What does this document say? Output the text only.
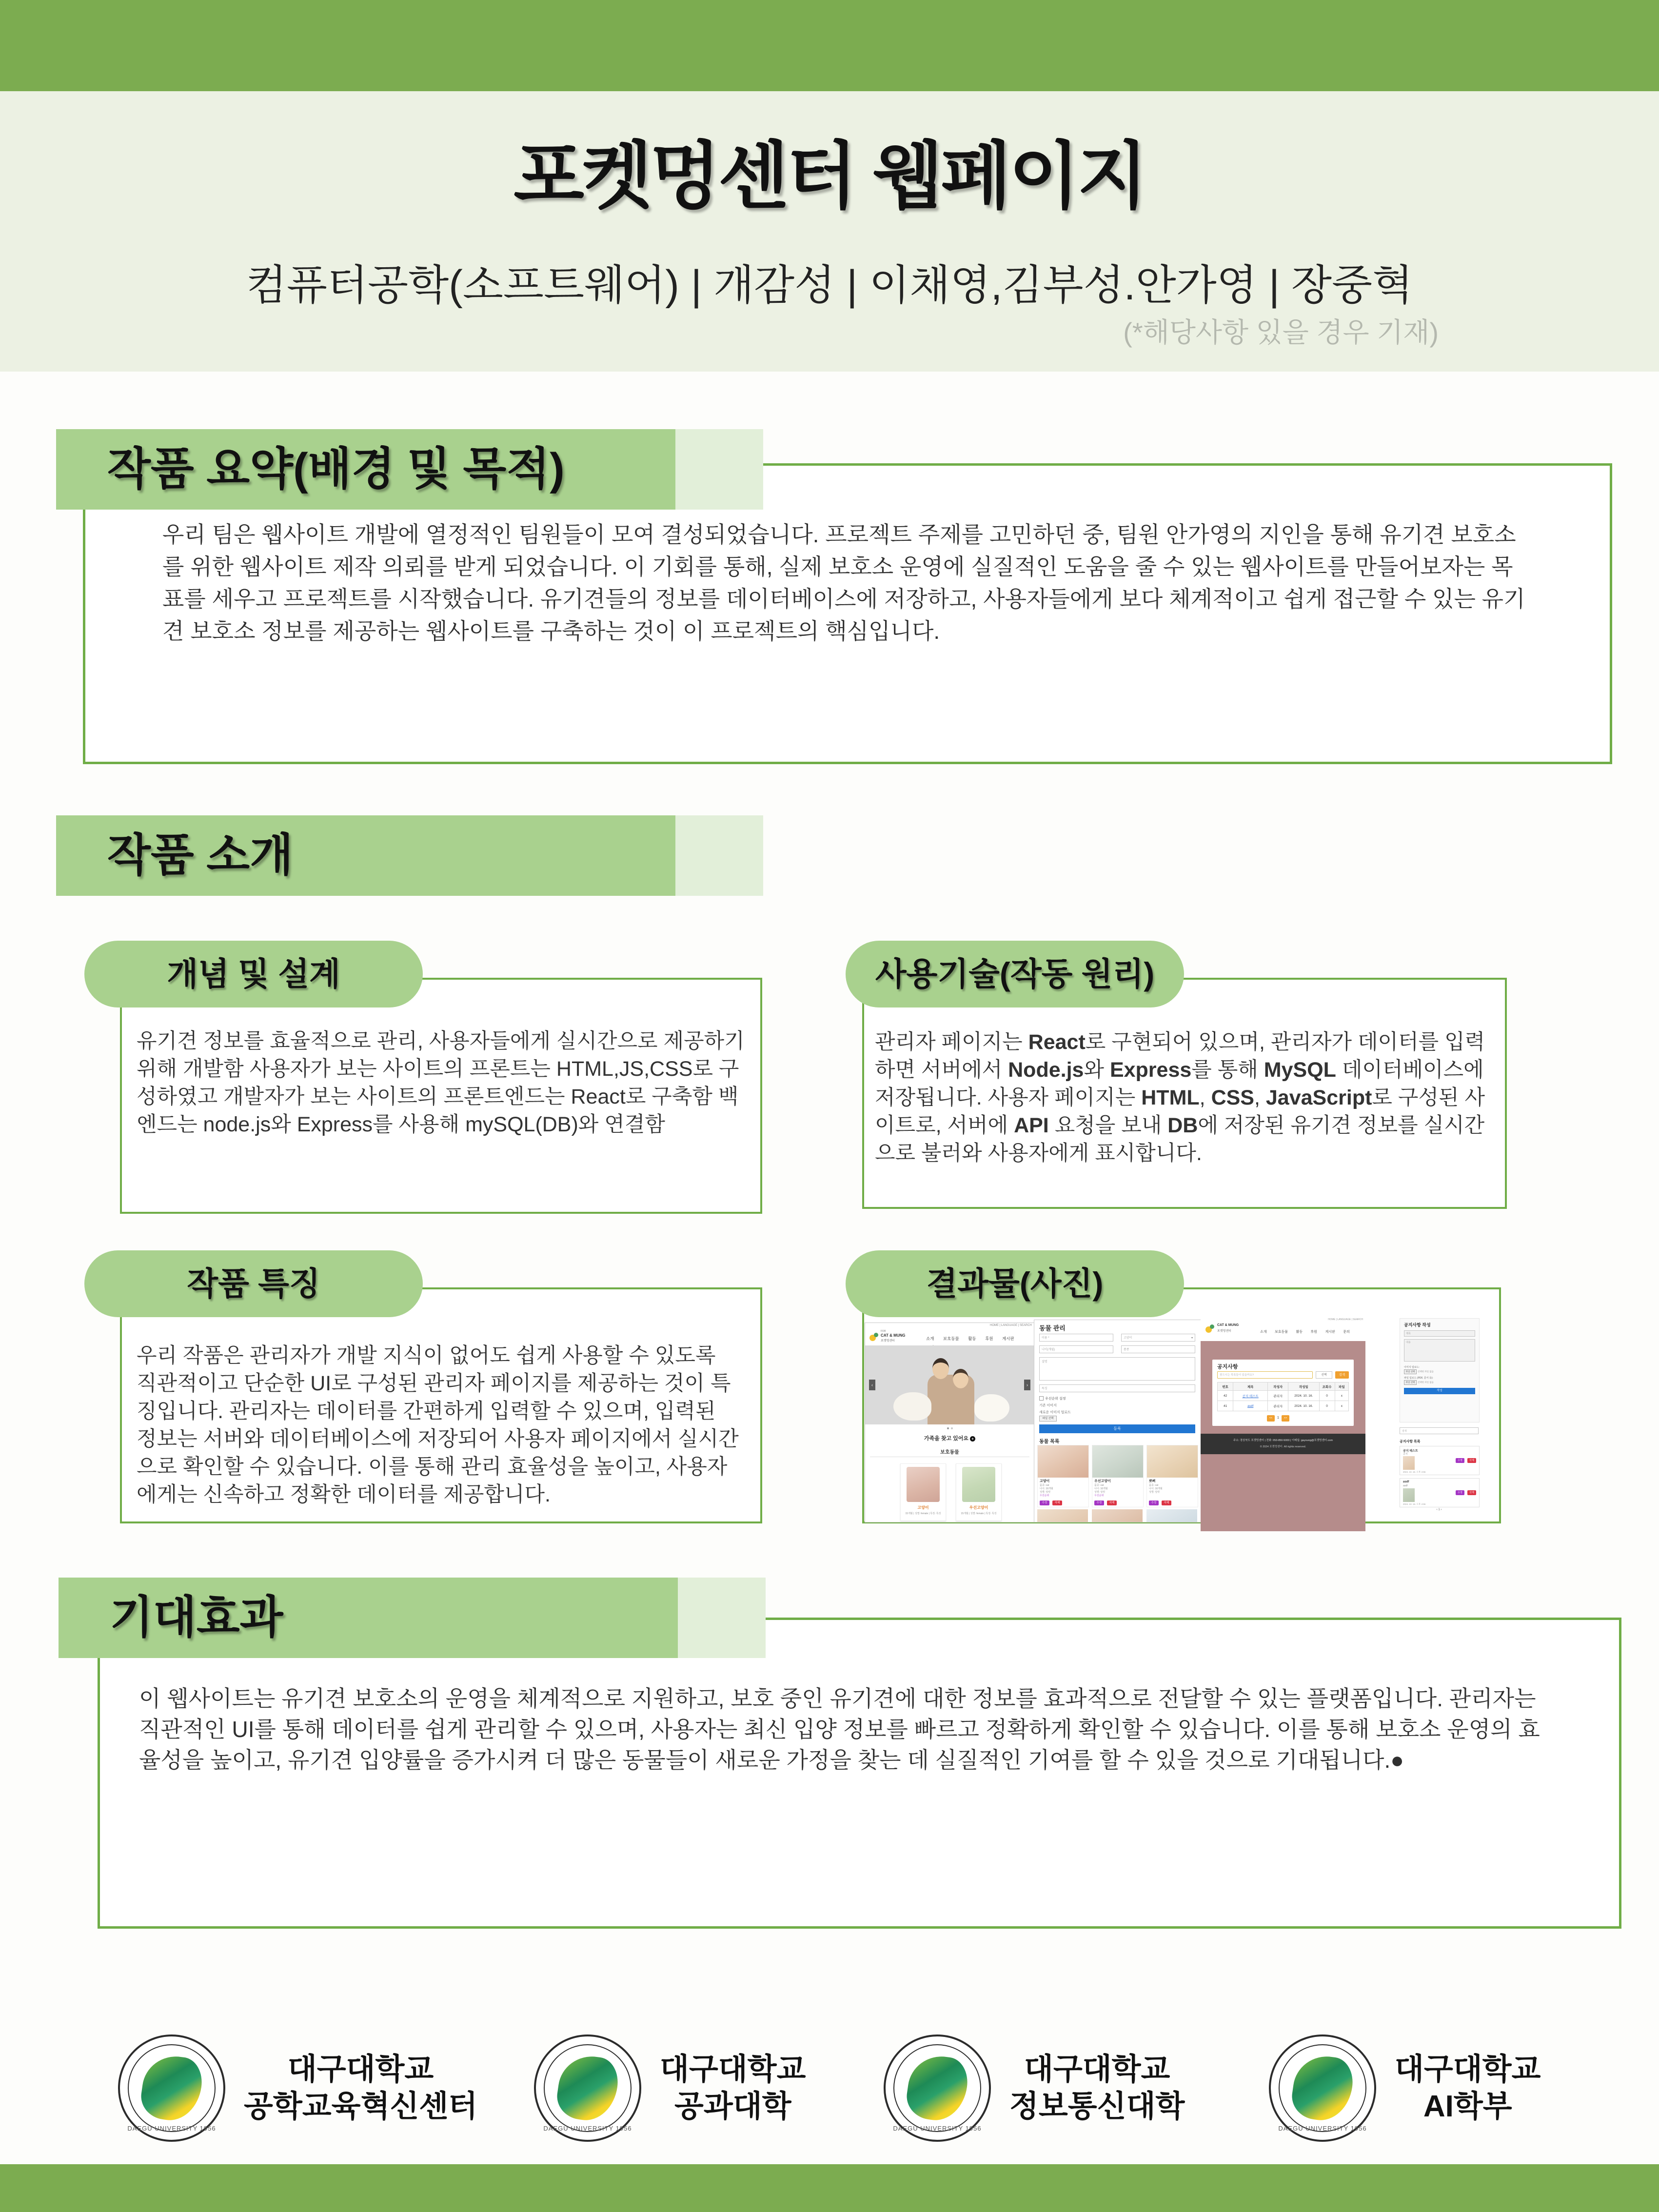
포켓멍센터 웹페이지
컴퓨터공학(소프트웨어) | 개감성 | 이채영,김부성.안가영 | 장중혁
(*해당사항 있을 경우 기재)
작품 요약(배경 및 목적)
우리 팀은 웹사이트 개발에 열정적인 팀원들이 모여 결성되었습니다. 프로젝트 주제를 고민하던 중, 팀원 안가영의 지인을 통해 유기견 보호소를 위한 웹사이트 제작 의뢰를 받게 되었습니다. 이 기회를 통해, 실제 보호소 운영에 실질적인 도움을 줄 수 있는 웹사이트를 만들어보자는 목표를 세우고 프로젝트를 시작했습니다. 유기견들의 정보를 데이터베이스에 저장하고, 사용자들에게 보다 체계적이고 쉽게 접근할 수 있는 유기견 보호소 정보를 제공하는 웹사이트를 구축하는 것이 이 프로젝트의 핵심입니다.
작품 소개
개념 및 설계
유기견 정보를 효율적으로 관리, 사용자들에게 실시간으로 제공하기 위해 개발함 사용자가 보는 사이트의 프론트는 HTML,JS,CSS로 구성하였고 개발자가 보는 사이트의 프론트엔드는 React로 구축함 백엔드는 node.js와 Express를 사용해 mySQL(DB)와 연결함
사용기술(작동 원리)
관리자 페이지는 React로 구현되어 있으며, 관리자가 데이터를 입력하면 서버에서 Node.js와 Express를 통해 MySQL 데이터베이스에 저장됩니다. 사용자 페이지는 HTML, CSS, JavaScript로 구성된 사이트로, 서버에 API 요청을 보내 DB에 저장된 유기견 정보를 실시간으로 불러와 사용자에게 표시합니다.
작품 특징
우리 작품은 관리자가 개발 지식이 없어도 쉽게 사용할 수 있도록 직관적이고 단순한 UI로 구성된 관리자 페이지를 제공하는 것이 특징입니다. 관리자는 데이터를 간편하게 입력할 수 있으며, 입력된 정보는 서버와 데이터베이스에 저장되어 사용자 페이지에서 실시간으로 확인할 수 있습니다. 이를 통해 관리 효율성을 높이고, 사용자에게는 신속하고 정확한 데이터를 제공합니다.
결과물(사진)
HOME | LANGUAGE | SEARCH
FOR
CAT & MUNG
포켓멍센터	소개 보호동물 활동 후원 게시판
‹	›
가족을 찾고 있어요 +
보호동물
고양이
15개월 | 성별: female | 특징: 특징
우선고양이
15개월 | 성별: female | 특징: 특징
동물 관리
이름 *	고양이	▾
나이(개월)	품종
설명
특징
우선순위 설정
기존 이미지
새로운 이미지 업로드
파일 선택
등록
동물 목록
고양이
품종: cat
나이: 16개월
성별: 암컷
우선순위
수정	삭제
우선고양이
품종: cat
나이: 16개월
성별: 암컷
우선순위
수정	삭제
뽀삐
품종: cat
나이: 16개월
성별: 암컷
수정	삭제
HOME | LANGUAGE | SEARCH
CAT & MUNG
포켓멍센터	소개 보호동물 활동 후원 게시판 문의
공지사항
찾으시는 목록들이 있을까요?	선택	검색
번호	제목	작성자	작성일	조회수	파일
42	공지 테스트	관리자	2024. 10. 16.	0	x
41	asdf	관리자	2024. 10. 16.	0	x
<<	1	>>
주소: 경상북도 포켓멍센터 | 전화: 053-850-5000 | 이메일: gayoung@포켓멍센터.com
© 2024 포켓멍센터. All rights reserved.
공지사항 작성
제목
내용
이미지 업로드:
파일 선택	선택한 파일 없음
파일 업로드 (PDF, 문서 등):
파일 선택	선택한 파일 없음
작성
검색
공지사항 목록
공지 테스트
공지
수정	삭제
2024. 10. 16. 오후 4:55
asdf
asdf
수정	삭제
2024. 10. 16. 오후 4:55
‹ 1 ›
기대효과
이 웹사이트는 유기견 보호소의 운영을 체계적으로 지원하고, 보호 중인 유기견에 대한 정보를 효과적으로 전달할 수 있는 플랫폼입니다. 관리자는 직관적인 UI를 통해 데이터를 쉽게 관리할 수 있으며, 사용자는 최신 입양 정보를 빠르고 정확하게 확인할 수 있습니다. 이를 통해 보호소 운영의 효율성을 높이고, 유기견 입양률을 증가시켜 더 많은 동물들이 새로운 가정을 찾는 데 실질적인 기여를 할 수 있을 것으로 기대됩니다.●
DAEGU UNIVERSITY 1956
대구대학교
공학교육혁신센터
DAEGU UNIVERSITY 1956
대구대학교
공과대학
DAEGU UNIVERSITY 1956
대구대학교
정보통신대학
DAEGU UNIVERSITY 1956
대구대학교
AI학부
